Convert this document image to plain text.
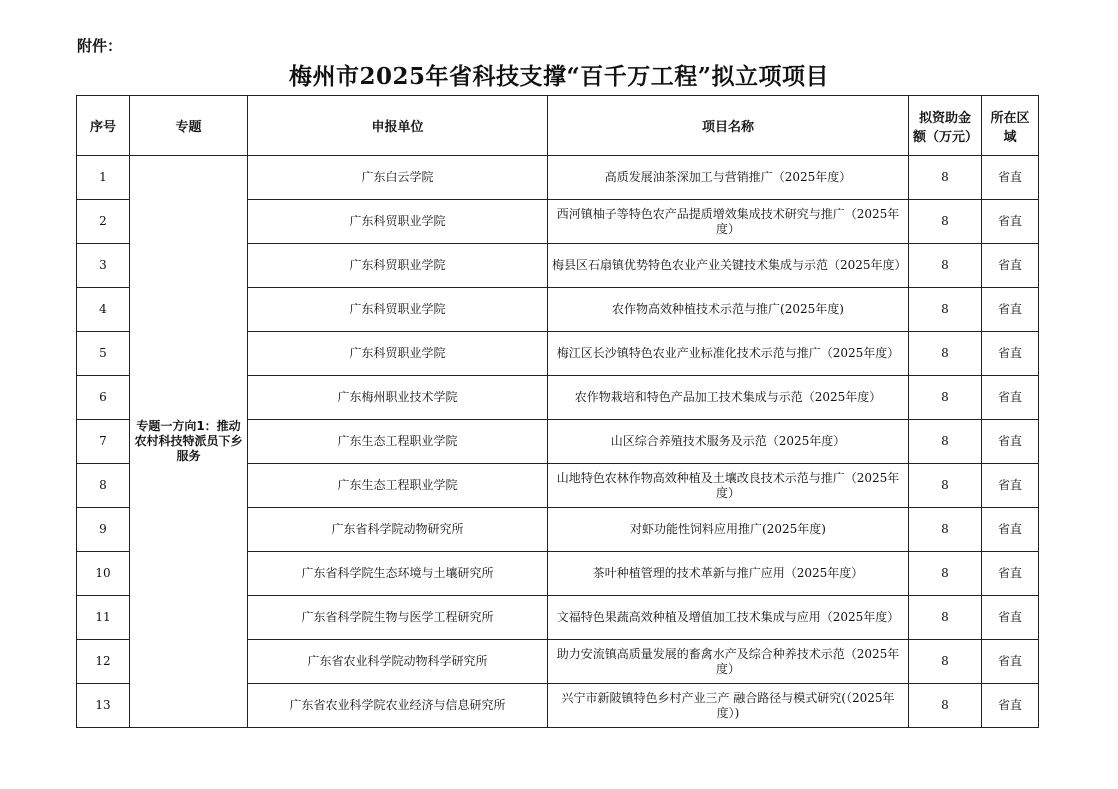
附件：
梅州市2025年省科技支撑“百千万工程”拟立项项目
序号	专题	申报单位	项目名称	拟资助金额（万元）	所在区域
1	专题一方向1：推动农村科技特派员下乡服务	广东白云学院	高质发展油茶深加工与营销推广（2025年度）	8	省直
2		广东科贸职业学院	西河镇柚子等特色农产品提质增效集成技术研究与推广（2025年度）	8	省直
3		广东科贸职业学院	梅县区石扇镇优势特色农业产业关键技术集成与示范（2025年度）	8	省直
4		广东科贸职业学院	农作物高效种植技术示范与推广(2025年度)	8	省直
5		广东科贸职业学院	梅江区长沙镇特色农业产业标准化技术示范与推广（2025年度）	8	省直
6		广东梅州职业技术学院	农作物栽培和特色产品加工技术集成与示范（2025年度）	8	省直
7		广东生态工程职业学院	山区综合养殖技术服务及示范（2025年度）	8	省直
8		广东生态工程职业学院	山地特色农林作物高效种植及土壤改良技术示范与推广（2025年度）	8	省直
9		广东省科学院动物研究所	对虾功能性饲料应用推广(2025年度)	8	省直
10		广东省科学院生态环境与土壤研究所	茶叶种植管理的技术革新与推广应用（2025年度）	8	省直
11		广东省科学院生物与医学工程研究所	文福特色果蔬高效种植及增值加工技术集成与应用（2025年度）	8	省直
12		广东省农业科学院动物科学研究所	助力安流镇高质量发展的畜禽水产及综合种养技术示范（2025年度）	8	省直
13		广东省农业科学院农业经济与信息研究所	兴宁市新陂镇特色乡村产业三产 融合路径与模式研究(（2025年度）)	8	省直
